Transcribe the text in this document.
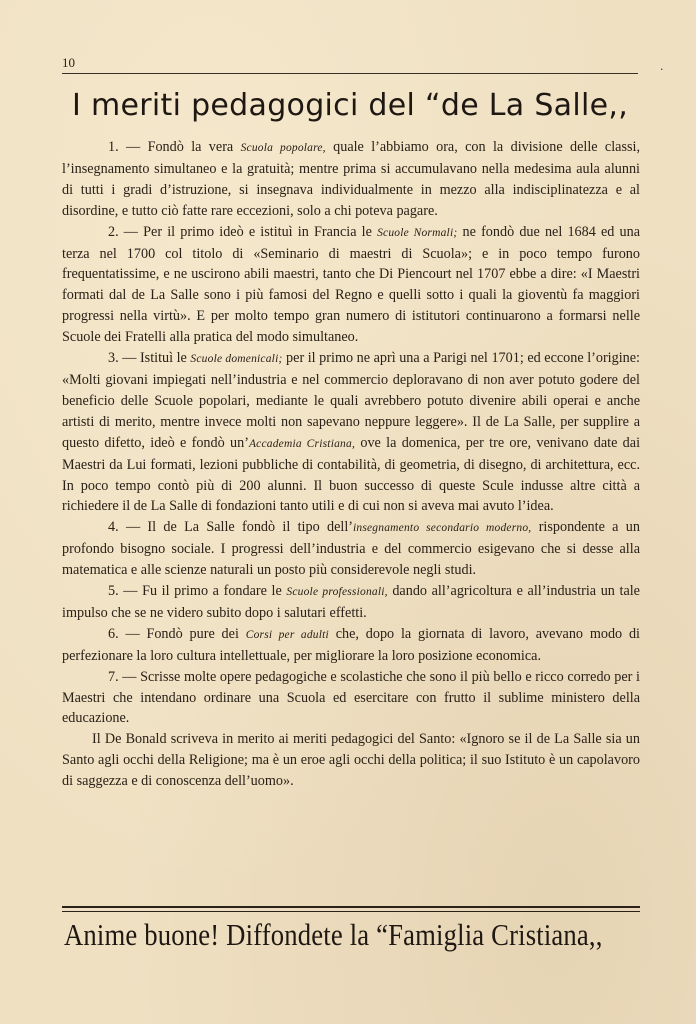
10	·
I meriti pedagogici del “de La Salle,,

1. — Fondò la vera Scuola popolare, quale l’abbiamo ora, con la divisione delle classi, l’insegnamento simultaneo e la gratuità; mentre prima si accumulavano nella medesima aula alunni di tutti i gradi d’istruzione, si insegnava individualmente in mezzo alla indisciplinatezza e al disordine, e tutto ciò fatte rare eccezioni, solo a chi poteva pagare.

2. — Per il primo ideò e istituì in Francia le Scuole Normali; ne fondò due nel 1684 ed una terza nel 1700 col titolo di «Seminario di maestri di Scuola»; e in poco tempo furono frequentatissime, e ne uscirono abili maestri, tanto che Di Piencourt nel 1707 ebbe a dire: «I Maestri formati dal de La Salle sono i più famosi del Regno e quelli sotto i quali la gioventù fa maggiori progressi nella virtù». E per molto tempo gran numero di istitutori continuarono a formarsi nelle Scuole dei Fratelli alla pratica del modo simultaneo.

3. — Istituì le Scuole domenicali; per il primo ne aprì una a Parigi nel 1701; ed eccone l’origine: «Molti giovani impiegati nell’industria e nel commercio deploravano di non aver potuto godere del beneficio delle Scuole popolari, mediante le quali avrebbero potuto divenire abili operai e anche artisti di merito, mentre invece molti non sapevano neppure leggere». Il de La Salle, per supplire a questo difetto, ideò e fondò un’Accademia Cristiana, ove la domenica, per tre ore, venivano date dai Maestri da Lui formati, lezioni pubbliche di contabilità, di geometria, di disegno, di architettura, ecc. In poco tempo contò più di 200 alunni. Il buon successo di queste Scule indusse altre città a richiedere il de La Salle di fondazioni tanto utili e di cui non si aveva mai avuto l’idea.

4. — Il de La Salle fondò il tipo dell’insegnamento secondario moderno, rispondente a un profondo bisogno sociale. I progressi dell’industria e del commercio esigevano che si desse alla matematica e alle scienze naturali un posto più considerevole negli studi.

5. — Fu il primo a fondare le Scuole professionali, dando all’agricoltura e all’industria un tale impulso che se ne videro subito dopo i salutari effetti.

6. — Fondò pure dei Corsi per adulti che, dopo la giornata di lavoro, avevano modo di perfezionare la loro cultura intellettuale, per migliorare la loro posizione economica.

7. — Scrisse molte opere pedagogiche e scolastiche che sono il più bello e ricco corredo per i Maestri che intendano ordinare una Scuola ed esercitare con frutto il sublime ministero della educazione.

Il De Bonald scriveva in merito ai meriti pedagogici del Santo: «Ignoro se il de La Salle sia un Santo agli occhi della Religione; ma è un eroe agli occhi della politica; il suo Istituto è un capolavoro di saggezza e di conoscenza dell’uomo».

Anime buone! Diffondete la “Famiglia Cristiana,,
